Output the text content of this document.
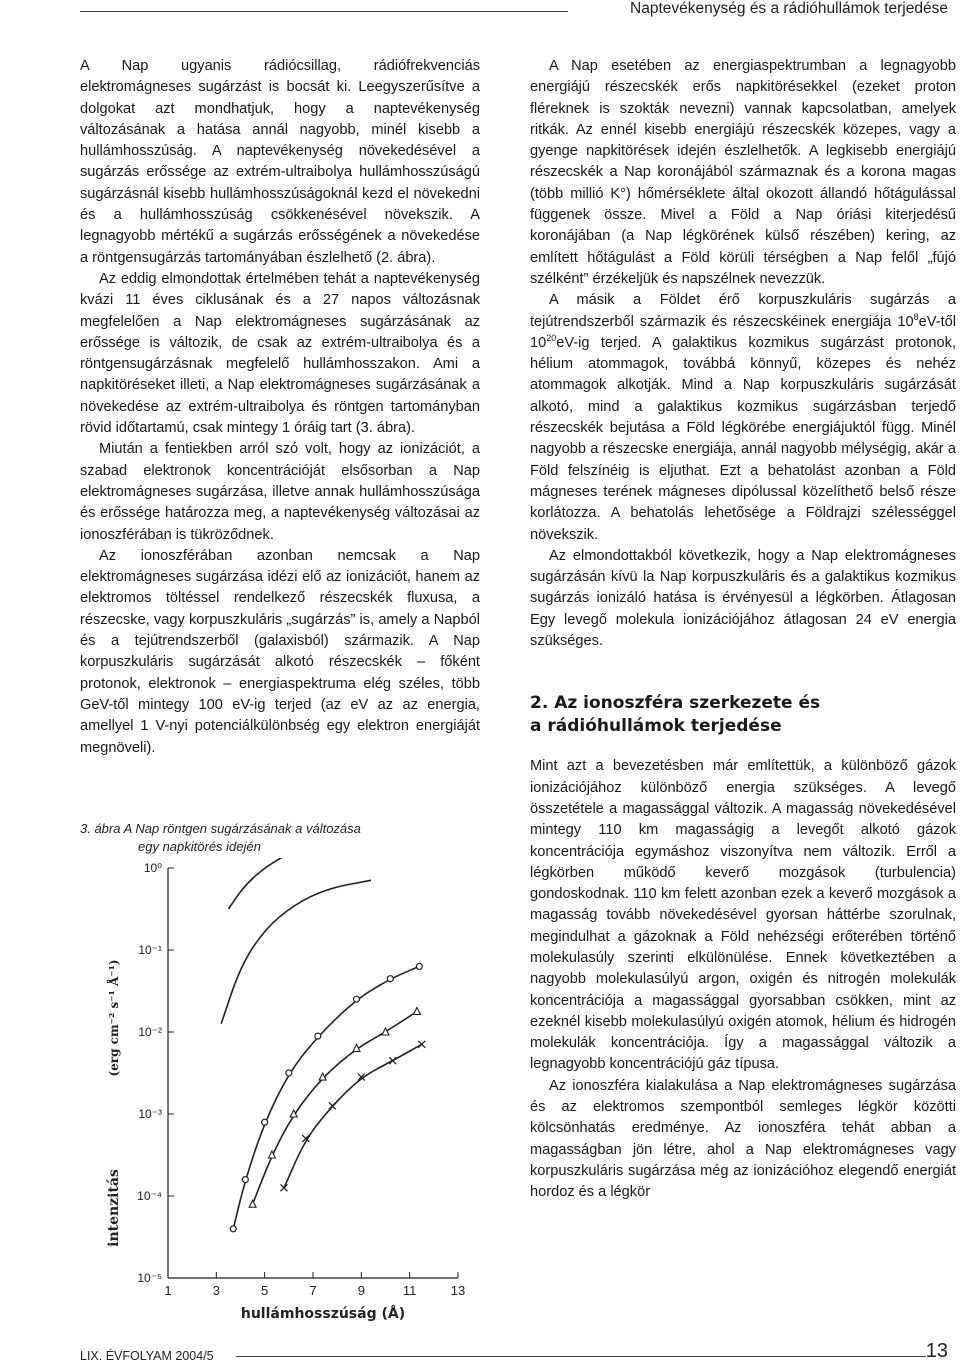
Naptevékenység és a rádióhullámok terjedése

A Nap ugyanis rádiócsillag, rádiófrekvenciás elektromágneses sugárzást is bocsát ki. Leegyszerűsítve a dolgokat azt mondhatjuk, hogy a naptevékenység változásának a hatása annál nagyobb, minél kisebb a hullámhosszúság. A naptevékenység növekedésével a sugárzás erőssége az extrém-ultraibolya hullámhosszúságú sugárzásnál kisebb hullámhosszúságoknál kezd el növekedni és a hullámhosszúság csökkenésével növekszik. A legnagyobb mértékű a sugárzás erősségének a növekedése a röntgensugárzás tartományában észlelhető (2. ábra).

Az eddig elmondottak értelmében tehát a naptevékenység kvázi 11 éves ciklusának és a 27 napos változásnak megfelelően a Nap elektromágneses sugárzásának az erőssége is változik, de csak az extrém-ultraibolya és a röntgensugárzásnak megfelelő hullámhosszakon. Ami a napkitöréseket illeti, a Nap elektromágneses sugárzásának a növekedése az extrém-ultraibolya és röntgen tartományban rövid időtartamú, csak mintegy 1 óráig tart (3. ábra).

Miután a fentiekben arról szó volt, hogy az ionizációt, a szabad elektronok koncentrációját elsősorban a Nap elektromágneses sugárzása, illetve annak hullámhosszúsága és erőssége határozza meg, a naptevékenység változásai az ionoszférában is tükröződnek.

Az ionoszférában azonban nemcsak a Nap elektromágneses sugárzása idézi elő az ionizációt, hanem az elektromos töltéssel rendelkező részecskék fluxusa, a részecske, vagy korpuszkuláris „sugárzás” is, amely a Napból és a tejútrendszerből (galaxisból) származik. A Nap korpuszkuláris sugárzását alkotó részecskék – főként protonok, elektronok – energiaspektruma elég széles, több GeV-től mintegy 100 eV-ig terjed (az eV az az energia, amellyel 1 V-nyi potenciálkülönbség egy elektron energiáját megnöveli).

3. ábra A Nap röntgen sugárzásának a változása
egy napkitörés idején
1	3	5	7	9	11	13
10⁻⁵
10⁻⁴
10⁻³
10⁻²
10⁻¹
10⁰
hullámhosszúság (Å)
intenzitás
(erg cm⁻² s⁻¹ Å⁻¹)

A Nap esetében az energiaspektrumban a legnagyobb energiájú részecskék erős napkitörésekkel (ezeket proton fléreknek is szokták nevezni) vannak kapcsolatban, amelyek ritkák. Az ennél kisebb energiájú részecskék közepes, vagy a gyenge napkitörések idején észlelhetők. A legkisebb energiájú részecskék a Nap koronájából származnak és a korona magas (több millió K°) hőmérséklete által okozott állandó hőtágulással függenek össze. Mivel a Föld a Nap óriási kiterjedésű koronájában (a Nap légkörének külső részében) kering, az említett hőtágulást a Föld körüli térségben a Nap felől „fújó szélként” érzékeljük és napszélnek nevezzük.

A másik a Földet érő korpuszkuláris sugárzás a tejútrendszerből származik és részecskéinek energiája $10^8eV$-től $10^{20}eV-ig$ terjed. A galaktikus kozmikus sugárzást protonok, hélium atommagok, továbbá könnyű, közepes és nehéz atommagok alkotják. Mind a Nap korpuszkuláris sugárzását alkotó, mind a galaktikus kozmikus sugárzásban terjedő részecskék bejutása a Föld légkörébe energiájuktól függ. Minél nagyobb a részecske energiája, annál nagyobb mélységig, akár a Föld felszínéig is eljuthat. Ezt a behatolást azonban a Föld mágneses terének mágneses dipólussal közelíthető belső része korlátozza. A behatolás lehetősége a Földrajzi szélességgel növekszik.

Az elmondottakból következik, hogy a Nap elektromágneses sugárzásán kívü la Nap korpuszkuláris és a galaktikus kozmikus sugárzás ionizáló hatása is érvényesül a légkörben. Átlagosan Egy levegő molekula ionizációjához átlagosan 24 eV energia szükséges.

2. Az ionoszféra szerkezete és
a rádióhullámok terjedése

Mint azt a bevezetésben már említettük, a különböző gázok ionizációjához különböző energia szükséges. A levegő összetétele a magassággal változik. A magasság növekedésével mintegy 110 km magasságig a levegőt alkotó gázok koncentrációja egymáshoz viszonyítva nem változik. Erről a légkörben működő keverő mozgások (turbulencia) gondoskodnak. 110 km felett azonban ezek a keverő mozgások a magasság tovább növekedésével gyorsan háttérbe szorulnak, megindulhat a gázoknak a Föld nehézségi erőterében történő molekulasúly szerinti elkülönülése. Ennek következtében a nagyobb molekulasúlyú argon, oxigén és nitrogén molekulák koncentrációja a magassággal gyorsabban csökken, mint az ezeknél kisebb molekulasúlyú oxigén atomok, hélium és hidrogén molekulák koncentrációja. Így a magassággal változik a legnagyobb koncentrációjú gáz típusa.

Az ionoszféra kialakulása a Nap elektromágneses sugárzása és az elektromos szempontból semleges légkör közötti kölcsönhatás eredménye. Az ionoszféra tehát abban a magasságban jön létre, ahol a Nap elektromágneses vagy korpuszkuláris sugárzása még az ionizációhoz elegendő energiát hordoz és a légkör

LIX. ÉVFOLYAM 2004/5	13
